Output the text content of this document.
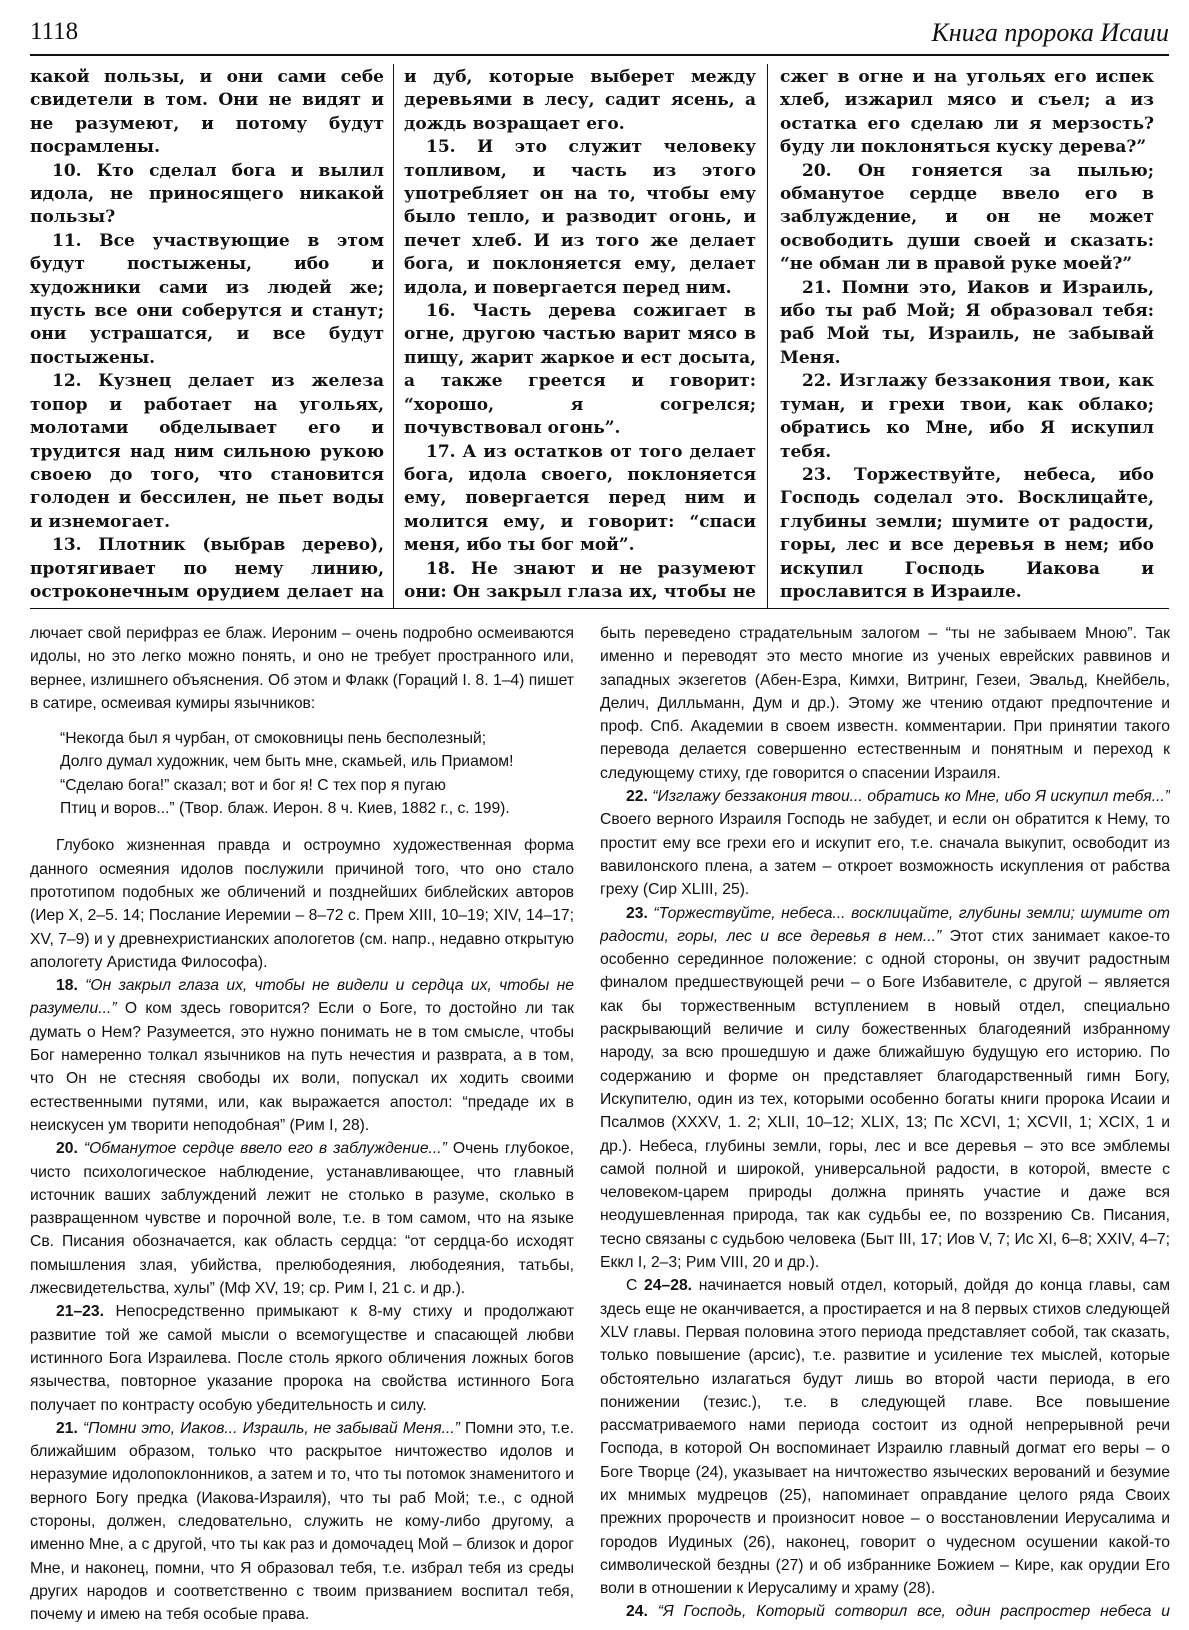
1118	Книга пророка Исаии

какой пользы, и они сами себе свидетели в том. Они не видят и не разумеют, и потому будут посрамлены.

10. Кто сделал бога и вылил идола, не приносящего никакой пользы?

11. Все участвующие в этом будут постыжены, ибо и художники сами из людей же; пусть все они соберутся и станут; они устрашатся, и все будут постыжены.

12. Кузнец делает из железа топор и работает на угольях, молотами обделывает его и трудится над ним сильною рукою своею до того, что становится голоден и бессилен, не пьет воды и изнемогает.

13. Плотник (выбрав дерево), протягивает по нему линию, остроконечным орудием делает на

и дуб, которые выберет между деревьями в лесу, садит ясень, а дождь возращает его.

15. И это служит человеку топливом, и часть из этого употребляет он на то, чтобы ему было тепло, и разводит огонь, и печет хлеб. И из того же делает бога, и поклоняется ему, делает идола, и повергается перед ним.

16. Часть дерева сожигает в огне, другою частью варит мясо в пищу, жарит жаркое и ест досыта, а также греется и говорит: “хорошо, я согрелся; почувствовал огонь”.

17. А из остатков от того делает бога, идола своего, поклоняется ему, повергается перед ним и молится ему, и говорит: “спаси меня, ибо ты бог мой”.

18. Не знают и не разумеют они: Он закрыл глаза их, чтобы не

сжег в огне и на угольях его испек хлеб, изжарил мясо и съел; а из остатка его сделаю ли я мерзость? буду ли поклоняться куску дерева?”

20. Он гоняется за пылью; обманутое сердце ввело его в заблуждение, и он не может освободить души своей и сказать: “не обман ли в правой руке моей?”

21. Помни это, Иаков и Израиль, ибо ты раб Мой; Я образовал тебя: раб Мой ты, Израиль, не забывай Меня.

22. Изглажу беззакония твои, как туман, и грехи твои, как облако; обратись ко Мне, ибо Я искупил тебя.

23. Торжествуйте, небеса, ибо Господь соделал это. Восклицайте, глубины земли; шумите от радости, горы, лес и все деревья в нем; ибо искупил Господь Иакова и прославится в Израиле.

лючает свой перифраз ее блаж. Иероним – очень подробно осмеиваются идолы, но это легко можно понять, и оно не требует пространного или, вернее, излишнего объяснения. Об этом и Флакк (Гораций I. 8. 1–4) пишет в сатире, осмеивая кумиры язычников:

“Некогда был я чурбан, от смоковницы пень бесполезный;
Долго думал художник, чем быть мне, скамьей, иль Приамом!
“Сделаю бога!” сказал; вот и бог я! С тех пор я пугаю
Птиц и воров...” (Твор. блаж. Иерон. 8 ч. Киев, 1882 г., с. 199).

Глубоко жизненная правда и остроумно художественная форма данного осмеяния идолов послужили причиной того, что оно стало прототипом подобных же обличений и позднейших библейских авторов (Иер X, 2–5. 14; Послание Иеремии – 8–72 с. Прем XIII, 10–19; XIV, 14–17; XV, 7–9) и у древнехристианских апологетов (см. напр., недавно открытую апологету Аристида Философа).

18. “Он закрыл глаза их, чтобы не видели и сердца их, чтобы не разумели...” О ком здесь говорится? Если о Боге, то достойно ли так думать о Нем? Разумеется, это нужно понимать не в том смысле, чтобы Бог намеренно толкал язычников на путь нечестия и разврата, а в том, что Он не стесняя свободы их воли, попускал их ходить своими естественными путями, или, как выражается апостол: “предаде их в неискусен ум творити неподобная” (Рим I, 28).

20. “Обманутое сердце ввело его в заблуждение...” Очень глубокое, чисто психологическое наблюдение, устанавливающее, что главный источник ваших заблуждений лежит не столько в разуме, сколько в развращенном чувстве и порочной воле, т.е. в том самом, что на языке Св. Писания обозначается, как область сердца: “от сердца-бо исходят помышления злая, убийства, прелюбодеяния, любодеяния, татьбы, лжесвидетельства, хулы” (Мф XV, 19; ср. Рим I, 21 с. и др.).

21–23. Непосредственно примыкают к 8-му стиху и продолжают развитие той же самой мысли о всемогуществе и спасающей любви истинного Бога Израилева. После столь яркого обличения ложных богов язычества, повторное указание пророка на свойства истинного Бога получает по контрасту особую убедительность и силу.

21. “Помни это, Иаков... Израиль, не забывай Меня...” Помни это, т.е. ближайшим образом, только что раскрытое ничтожество идолов и неразумие идолопоклонников, а затем и то, что ты потомок знаменитого и верного Богу предка (Иакова-Израиля), что ты раб Мой; т.е., с одной стороны, должен, следовательно, служить не кому-либо другому, а именно Мне, а с другой, что ты как раз и домочадец Мой – близок и дорог Мне, и наконец, помни, что Я образовал тебя, т.е. избрал тебя из среды других народов и соответственно с твоим призванием воспитал тебя, почему и имею на тебя особые права.

быть переведено страдательным залогом – “ты не забываем Мною”. Так именно и переводят это место многие из ученых еврейских раввинов и западных экзегетов (Абен-Езра, Кимхи, Витринг, Гезеи, Эвальд, Кнейбель, Делич, Дилльманн, Дум и др.). Этому же чтению отдают предпочтение и проф. Спб. Академии в своем известн. комментарии. При принятии такого перевода делается совершенно естественным и понятным и переход к следующему стиху, где говорится о спасении Израиля.

22. “Изглажу беззакония твои... обратись ко Мне, ибо Я искупил тебя...” Своего верного Израиля Господь не забудет, и если он обратится к Нему, то простит ему все грехи его и искупит его, т.е. сначала выкупит, освободит из вавилонского плена, а затем – откроет возможность искупления от рабства греху (Сир XLIII, 25).

23. “Торжествуйте, небеса... восклицайте, глубины земли; шумите от радости, горы, лес и все деревья в нем...” Этот стих занимает какое-то особенно серединное положение: с одной стороны, он звучит радостным финалом предшествующей речи – о Боге Избавителе, с другой – является как бы торжественным вступлением в новый отдел, специально раскрывающий величие и силу божественных благодеяний избранному народу, за всю прошедшую и даже ближайшую будущую его историю. По содержанию и форме он представляет благодарственный гимн Богу, Искупителю, один из тех, которыми особенно богаты книги пророка Исаии и Псалмов (XXXV, 1. 2; XLII, 10–12; XLIX, 13; Пс XCVI, 1; XCVII, 1; XCIX, 1 и др.). Небеса, глубины земли, горы, лес и все деревья – это все эмблемы самой полной и широкой, универсальной радости, в которой, вместе с человеком-царем природы должна принять участие и даже вся неодушевленная природа, так как судьбы ее, по воззрению Св. Писания, тесно связаны с судьбою человека (Быт III, 17; Иов V, 7; Ис XI, 6–8; XXIV, 4–7; Еккл I, 2–3; Рим VIII, 20 и др.).

С 24–28. начинается новый отдел, который, дойдя до конца главы, сам здесь еще не оканчивается, а простирается и на 8 первых стихов следующей XLV главы. Первая половина этого периода представляет собой, так сказать, только повышение (арсис), т.е. развитие и усиление тех мыслей, которые обстоятельно излагаться будут лишь во второй части периода, в его понижении (тезис.), т.е. в следующей главе. Все повышение рассматриваемого нами периода состоит из одной непрерывной речи Господа, в которой Он воспоминает Израилю главный догмат его веры – о Боге Творце (24), указывает на ничтожество языческих верований и безумие их мнимых мудрецов (25), напоминает оправдание целого ряда Своих прежних пророчеств и произносит новое – о восстановлении Иерусалима и городов Иудиных (26), наконец, говорит о чудесном осушении какой-то символической бездны (27) и об избраннике Божием – Кире, как орудии Его воли в отношении к Иерусалиму и храму (28).

24. “Я Господь, Который сотворил все, один распростер небеса и
